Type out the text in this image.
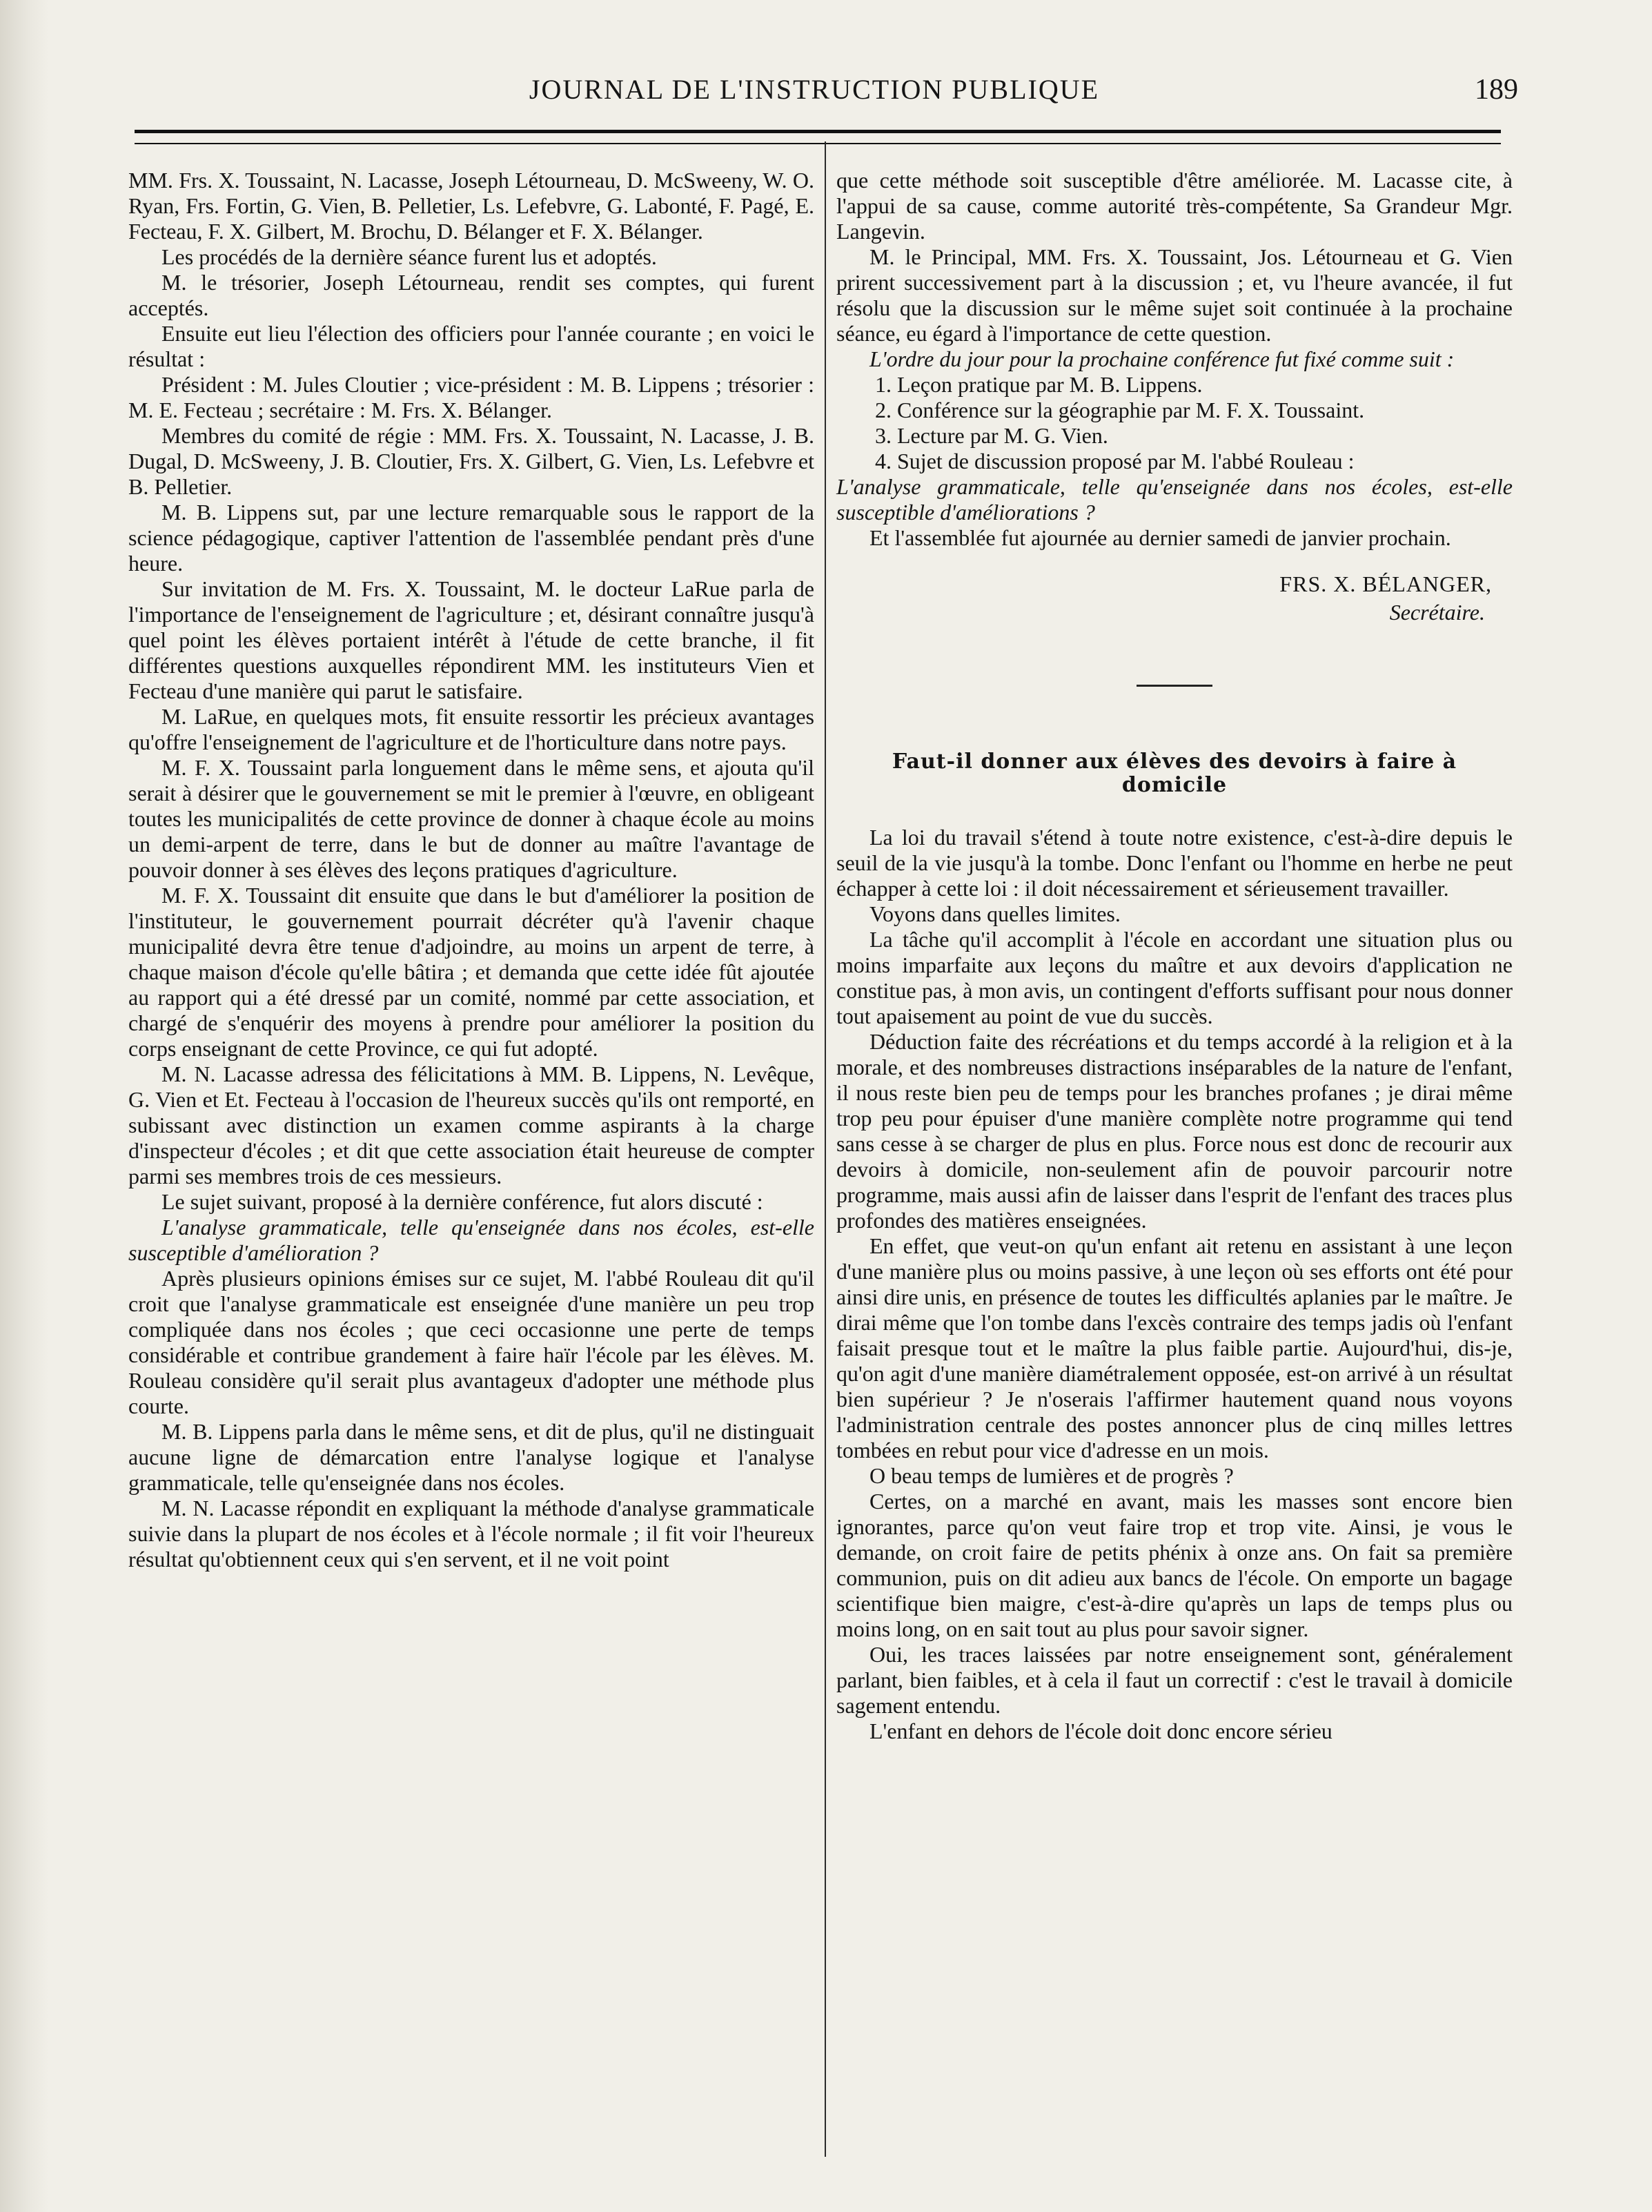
JOURNAL DE L'INSTRUCTION PUBLIQUE	189

MM. Frs. X. Toussaint, N. Lacasse, Joseph Létourneau, D. McSweeny, W. O. Ryan, Frs. Fortin, G. Vien, B. Pelletier, Ls. Lefebvre, G. Labonté, F. Pagé, E. Fecteau, F. X. Gilbert, M. Brochu, D. Bélanger et F. X. Bélanger.

Les procédés de la dernière séance furent lus et adoptés.

M. le trésorier, Joseph Létourneau, rendit ses comptes, qui furent acceptés.

Ensuite eut lieu l'élection des officiers pour l'année courante ; en voici le résultat :

Président : M. Jules Cloutier ; vice-président : M. B. Lippens ; trésorier : M. E. Fecteau ; secrétaire : M. Frs. X. Bélanger.

Membres du comité de régie : MM. Frs. X. Toussaint, N. Lacasse, J. B. Dugal, D. McSweeny, J. B. Cloutier, Frs. X. Gilbert, G. Vien, Ls. Lefebvre et B. Pelletier.

M. B. Lippens sut, par une lecture remarquable sous le rapport de la science pédagogique, captiver l'attention de l'assemblée pendant près d'une heure.

Sur invitation de M. Frs. X. Toussaint, M. le docteur LaRue parla de l'importance de l'enseignement de l'agriculture ; et, désirant connaître jusqu'à quel point les élèves portaient intérêt à l'étude de cette branche, il fit différentes questions auxquelles répondirent MM. les instituteurs Vien et Fecteau d'une manière qui parut le satisfaire.

M. LaRue, en quelques mots, fit ensuite ressortir les précieux avantages qu'offre l'enseignement de l'agriculture et de l'horticulture dans notre pays.

M. F. X. Toussaint parla longuement dans le même sens, et ajouta qu'il serait à désirer que le gouvernement se mit le premier à l'œuvre, en obligeant toutes les municipalités de cette province de donner à chaque école au moins un demi-arpent de terre, dans le but de donner au maître l'avantage de pouvoir donner à ses élèves des leçons pratiques d'agriculture.

M. F. X. Toussaint dit ensuite que dans le but d'améliorer la position de l'instituteur, le gouvernement pourrait décréter qu'à l'avenir chaque municipalité devra être tenue d'adjoindre, au moins un arpent de terre, à chaque maison d'école qu'elle bâtira ; et demanda que cette idée fût ajoutée au rapport qui a été dressé par un comité, nommé par cette association, et chargé de s'enquérir des moyens à prendre pour améliorer la position du corps enseignant de cette Province, ce qui fut adopté.

M. N. Lacasse adressa des félicitations à MM. B. Lippens, N. Levêque, G. Vien et Et. Fecteau à l'occasion de l'heureux succès qu'ils ont remporté, en subissant avec distinction un examen comme aspirants à la charge d'inspecteur d'écoles ; et dit que cette association était heureuse de compter parmi ses membres trois de ces messieurs.

Le sujet suivant, proposé à la dernière conférence, fut alors discuté :

L'analyse grammaticale, telle qu'enseignée dans nos écoles, est-elle susceptible d'amélioration ?

Après plusieurs opinions émises sur ce sujet, M. l'abbé Rouleau dit qu'il croit que l'analyse grammaticale est enseignée d'une manière un peu trop compliquée dans nos écoles ; que ceci occasionne une perte de temps considérable et contribue grandement à faire haïr l'école par les élèves. M. Rouleau considère qu'il serait plus avantageux d'adopter une méthode plus courte.

M. B. Lippens parla dans le même sens, et dit de plus, qu'il ne distinguait aucune ligne de démarcation entre l'analyse logique et l'analyse grammaticale, telle qu'enseignée dans nos écoles.

M. N. Lacasse répondit en expliquant la méthode d'analyse grammaticale suivie dans la plupart de nos écoles et à l'école normale ; il fit voir l'heureux résultat qu'obtiennent ceux qui s'en servent, et il ne voit point

que cette méthode soit susceptible d'être améliorée. M. Lacasse cite, à l'appui de sa cause, comme autorité très-compétente, Sa Grandeur Mgr. Langevin.

M. le Principal, MM. Frs. X. Toussaint, Jos. Létourneau et G. Vien prirent successivement part à la discussion ; et, vu l'heure avancée, il fut résolu que la discussion sur le même sujet soit continuée à la prochaine séance, eu égard à l'importance de cette question.

L'ordre du jour pour la prochaine conférence fut fixé comme suit :

1. Leçon pratique par M. B. Lippens.
2. Conférence sur la géographie par M. F. X. Toussaint.
3. Lecture par M. G. Vien.
4. Sujet de discussion proposé par M. l'abbé Rouleau :

L'analyse grammaticale, telle qu'enseignée dans nos écoles, est-elle susceptible d'améliorations ?

Et l'assemblée fut ajournée au dernier samedi de janvier prochain.

FRS. X. BÉLANGER,
Secrétaire.
Faut-il donner aux élèves des devoirs à faire à domicile

La loi du travail s'étend à toute notre existence, c'est-à-dire depuis le seuil de la vie jusqu'à la tombe. Donc l'enfant ou l'homme en herbe ne peut échapper à cette loi : il doit nécessairement et sérieusement travailler.

Voyons dans quelles limites.

La tâche qu'il accomplit à l'école en accordant une situation plus ou moins imparfaite aux leçons du maître et aux devoirs d'application ne constitue pas, à mon avis, un contingent d'efforts suffisant pour nous donner tout apaisement au point de vue du succès.

Déduction faite des récréations et du temps accordé à la religion et à la morale, et des nombreuses distractions inséparables de la nature de l'enfant, il nous reste bien peu de temps pour les branches profanes ; je dirai même trop peu pour épuiser d'une manière complète notre programme qui tend sans cesse à se charger de plus en plus. Force nous est donc de recourir aux devoirs à domicile, non-seulement afin de pouvoir parcourir notre programme, mais aussi afin de laisser dans l'esprit de l'enfant des traces plus profondes des matières enseignées.

En effet, que veut-on qu'un enfant ait retenu en assistant à une leçon d'une manière plus ou moins passive, à une leçon où ses efforts ont été pour ainsi dire unis, en présence de toutes les difficultés aplanies par le maître. Je dirai même que l'on tombe dans l'excès contraire des temps jadis où l'enfant faisait presque tout et le maître la plus faible partie. Aujourd'hui, dis-je, qu'on agit d'une manière diamétralement opposée, est-on arrivé à un résultat bien supérieur ? Je n'oserais l'affirmer hautement quand nous voyons l'administration centrale des postes annoncer plus de cinq milles lettres tombées en rebut pour vice d'adresse en un mois.

O beau temps de lumières et de progrès ?

Certes, on a marché en avant, mais les masses sont encore bien ignorantes, parce qu'on veut faire trop et trop vite. Ainsi, je vous le demande, on croit faire de petits phénix à onze ans. On fait sa première communion, puis on dit adieu aux bancs de l'école. On emporte un bagage scientifique bien maigre, c'est-à-dire qu'après un laps de temps plus ou moins long, on en sait tout au plus pour savoir signer.

Oui, les traces laissées par notre enseignement sont, généralement parlant, bien faibles, et à cela il faut un correctif : c'est le travail à domicile sagement entendu.

L'enfant en dehors de l'école doit donc encore sérieu
